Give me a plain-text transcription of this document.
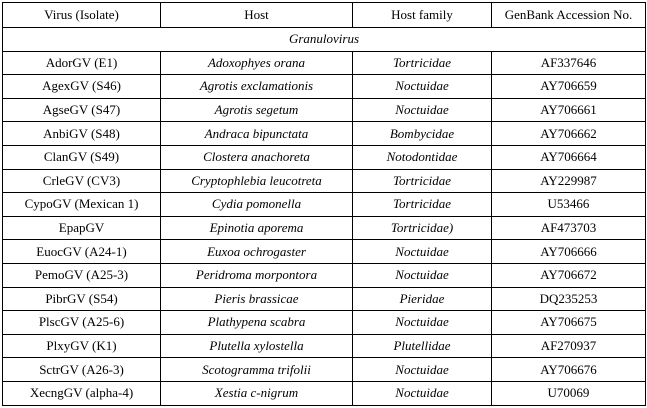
Virus (Isolate)	Host	Host family	GenBank Accession No.
Granulovirus			
AdorGV (E1)	Adoxophyes orana	Tortricidae	AF337646
AgexGV (S46)	Agrotis exclamationis	Noctuidae	AY706659
AgseGV (S47)	Agrotis segetum	Noctuidae	AY706661
AnbiGV (S48)	Andraca bipunctata	Bombycidae	AY706662
ClanGV (S49)	Clostera anachoreta	Notodontidae	AY706664
CrleGV (CV3)	Cryptophlebia leucotreta	Tortricidae	AY229987
CypoGV (Mexican 1)	Cydia pomonella	Tortricidae	U53466
EpapGV	Epinotia aporema	Tortricidae)	AF473703
EuocGV (A24-1)	Euxoa ochrogaster	Noctuidae	AY706666
PemoGV (A25-3)	Peridroma morpontora	Noctuidae	AY706672
PibrGV (S54)	Pieris brassicae	Pieridae	DQ235253
PlscGV (A25-6)	Plathypena scabra	Noctuidae	AY706675
PlxyGV (K1)	Plutella xylostella	Plutellidae	AF270937
SctrGV (A26-3)	Scotogramma trifolii	Noctuidae	AY706676
XecngGV (alpha-4)	Xestia c-nigrum	Noctuidae	U70069
